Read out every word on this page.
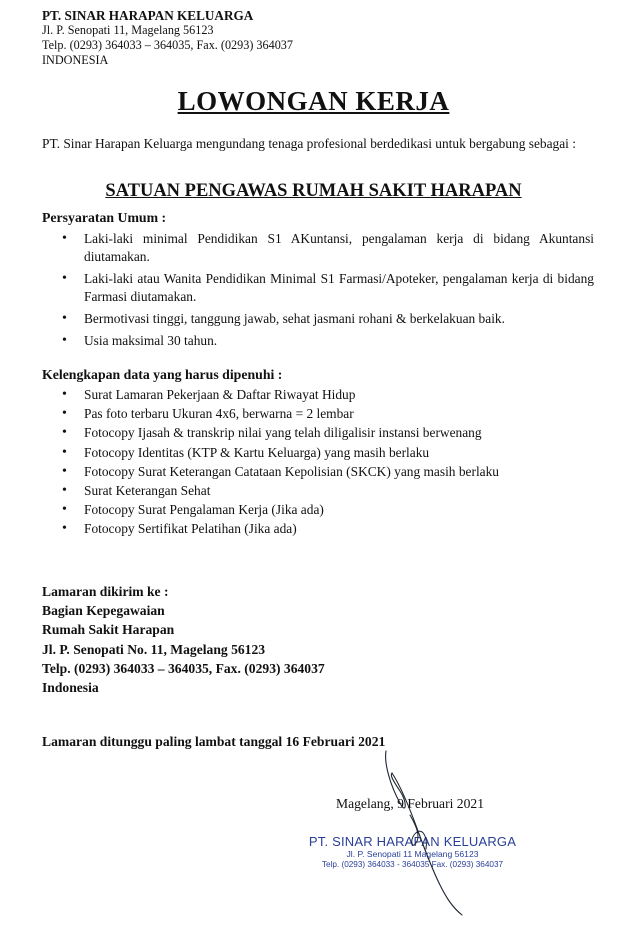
PT. SINAR HARAPAN KELUARGA
Jl. P. Senopati 11, Magelang 56123
Telp. (0293) 364033 – 364035, Fax. (0293) 364037
INDONESIA
LOWONGAN KERJA
PT. Sinar Harapan Keluarga mengundang tenaga profesional berdedikasi untuk bergabung sebagai :
SATUAN PENGAWAS RUMAH SAKIT HARAPAN
Persyaratan Umum :
• Laki-laki minimal Pendidikan S1 AKuntansi, pengalaman kerja di bidang Akuntansi diutamakan.
• Laki-laki atau Wanita Pendidikan Minimal S1 Farmasi/Apoteker, pengalaman kerja di bidang Farmasi diutamakan.
• Bermotivasi tinggi, tanggung jawab, sehat jasmani rohani & berkelakuan baik.
• Usia maksimal 30 tahun.
Kelengkapan data yang harus dipenuhi :
• Surat Lamaran Pekerjaan & Daftar Riwayat Hidup
• Pas foto terbaru Ukuran 4x6, berwarna = 2 lembar
• Fotocopy Ijasah & transkrip nilai yang telah diligalisir instansi berwenang
• Fotocopy Identitas (KTP & Kartu Keluarga) yang masih berlaku
• Fotocopy Surat Keterangan Catataan Kepolisian (SKCK) yang masih berlaku
• Surat Keterangan Sehat
• Fotocopy Surat Pengalaman Kerja (Jika ada)
• Fotocopy Sertifikat Pelatihan (Jika ada)
Lamaran dikirim ke :
Bagian Kepegawaian
Rumah Sakit Harapan
Jl. P. Senopati No. 11, Magelang 56123
Telp. (0293) 364033 – 364035, Fax. (0293) 364037
Indonesia
Lamaran ditunggu paling lambat tanggal 16 Februari 2021
Magelang, 9 Februari 2021
PT. SINAR HARAPAN KELUARGA
Jl. P. Senopati 11 Magelang 56123
Telp. (0293) 364033 - 364035 Fax. (0293) 364037
